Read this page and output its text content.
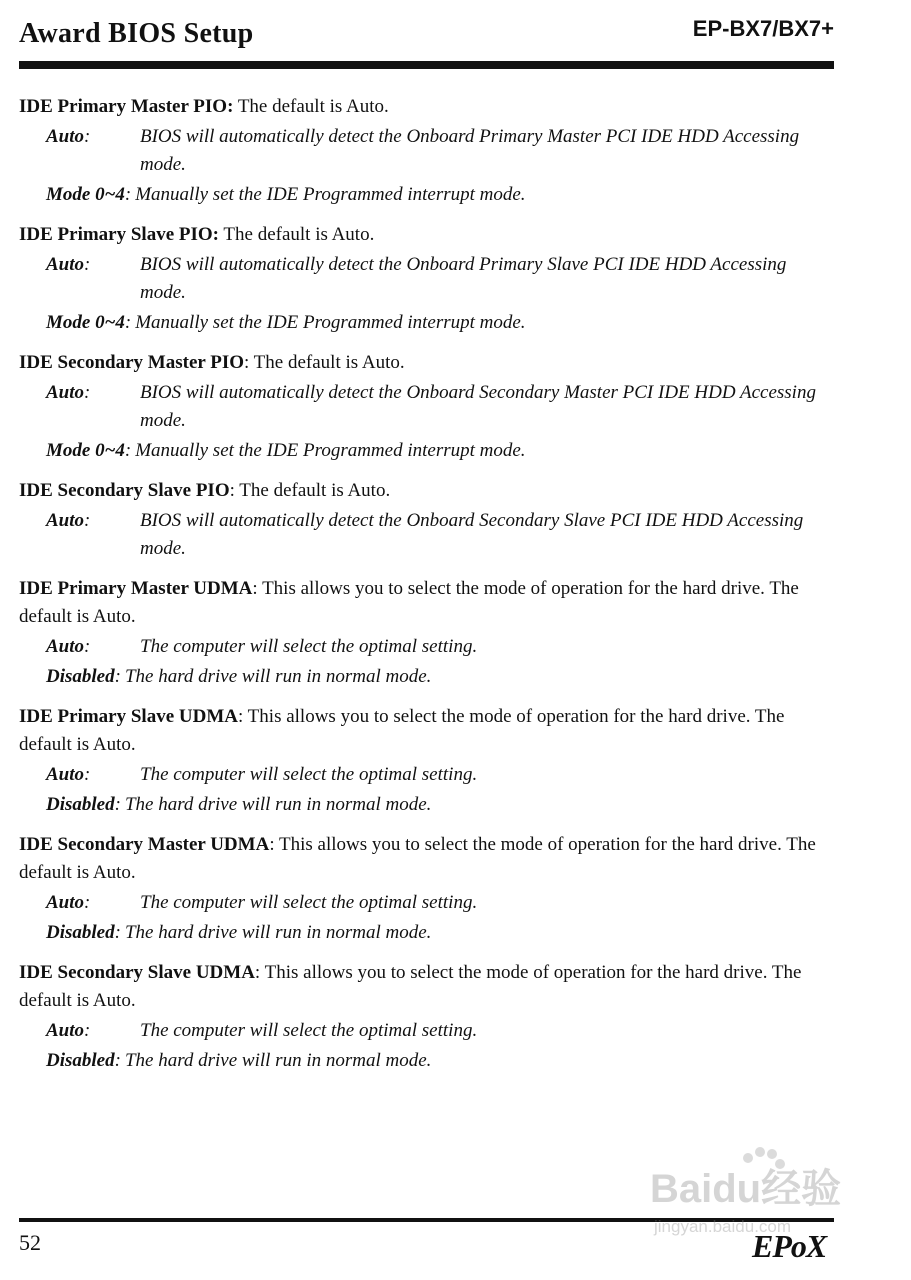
Award BIOS Setup	EP-BX7/BX7+

IDE Primary Master PIO: The default is Auto.

Auto:	BIOS will automatically detect the Onboard Primary Master PCI IDE HDD Accessing mode.
Mode 0~4: Manually set the IDE Programmed interrupt mode.

IDE Primary Slave PIO: The default is Auto.

Auto:	BIOS will automatically detect the Onboard Primary Slave PCI IDE HDD Accessing mode.
Mode 0~4: Manually set the IDE Programmed interrupt mode.

IDE Secondary Master PIO: The default is Auto.

Auto:	BIOS will automatically detect the Onboard Secondary Master PCI IDE HDD Accessing mode.
Mode 0~4: Manually set the IDE Programmed interrupt mode.

IDE Secondary Slave PIO: The default is Auto.

Auto:	BIOS will automatically detect the Onboard Secondary Slave PCI IDE HDD Accessing mode.

IDE Primary Master UDMA: This allows you to select the mode of operation for the hard drive. The default is Auto.

Auto:	The computer will select the optimal setting.
Disabled: The hard drive will run in normal mode.

IDE Primary Slave UDMA: This allows you to select the mode of operation for the hard drive. The default is Auto.

Auto:	The computer will select the optimal setting.
Disabled: The hard drive will run in normal mode.

IDE Secondary Master UDMA: This allows you to select the mode of operation for the hard drive. The default is Auto.

Auto:	The computer will select the optimal setting.
Disabled: The hard drive will run in normal mode.

IDE Secondary Slave UDMA: This allows you to select the mode of operation for the hard drive. The default is Auto.

Auto:	The computer will select the optimal setting.
Disabled: The hard drive will run in normal mode.
52	EPoX
Baidu经验
jingyan.baidu.com
